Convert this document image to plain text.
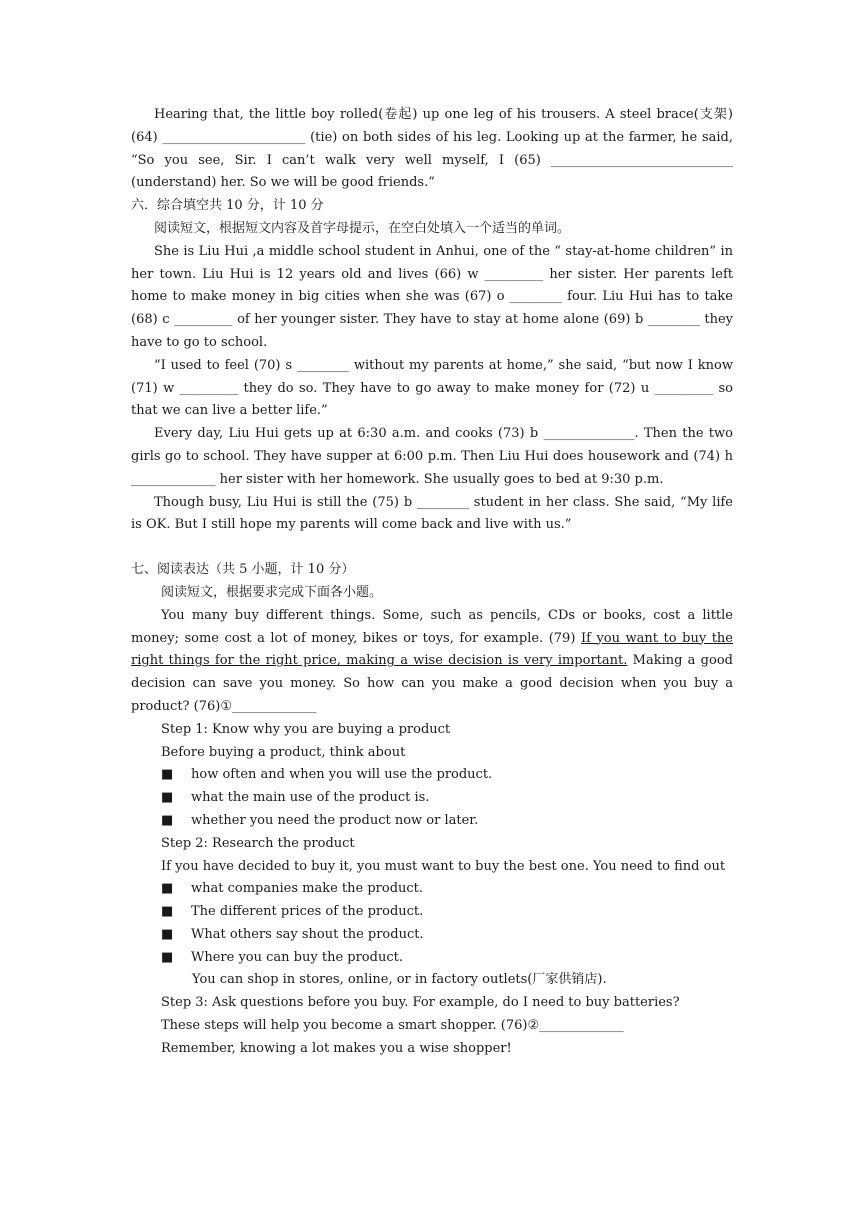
Hearing that, the little boy rolled(卷起) up one leg of his trousers. A steel brace(支架) (64) ______________________ (tie) on both sides of his leg. Looking up at the farmer, he said, “So you see, Sir. I can’t walk very well myself, I (65) ____________________________ (understand) her. So we will be good friends.”

六．综合填空共 10 分，计 10 分

阅读短文，根据短文内容及首字母提示，在空白处填入一个适当的单词。

She is Liu Hui ,a middle school student in Anhui, one of the “ stay-at-home children” in her town. Liu Hui is 12 years old and lives (66) w _________ her sister. Her parents left home to make money in big cities when she was (67) o ________ four. Liu Hui has to take (68) c _________ of her younger sister. They have to stay at home alone (69) b ________ they have to go to school.

“I used to feel (70) s ________ without my parents at home,” she said, “but now I know (71) w _________ they do so. They have to go away to make money for (72) u _________ so that we can live a better life.”

Every day, Liu Hui gets up at 6:30 a.m. and cooks (73) b ______________. Then the two girls go to school. They have supper at 6:00 p.m. Then Liu Hui does housework and (74) h _____________ her sister with her homework. She usually goes to bed at 9:30 p.m.

Though busy, Liu Hui is still the (75) b ________ student in her class. She said, “My life is OK. But I still hope my parents will come back and live with us.”

七、阅读表达（共 5 小题，计 10 分）

阅读短文，根据要求完成下面各小题。

You many buy different things. Some, such as pencils, CDs or books, cost a little money; some cost a lot of money, bikes or toys, for example. (79) If you want to buy the right things for the right price, making a wise decision is very important. Making a good decision can save you money. So how can you make a good decision when you buy a product? (76)①_____________

Step 1: Know why you are buying a product

Before buying a product, think about

■ how often and when you will use the product.

■ what the main use of the product is.

■ whether you need the product now or later.

Step 2: Research the product

If you have decided to buy it, you must want to buy the best one. You need to find out

■ what companies make the product.

■ The different prices of the product.

■ What others say shout the product.

■ Where you can buy the product.

You can shop in stores, online, or in factory outlets(厂家供销店).

Step 3: Ask questions before you buy. For example, do I need to buy batteries?

These steps will help you become a smart shopper. (76)②_____________

Remember, knowing a lot makes you a wise shopper!
